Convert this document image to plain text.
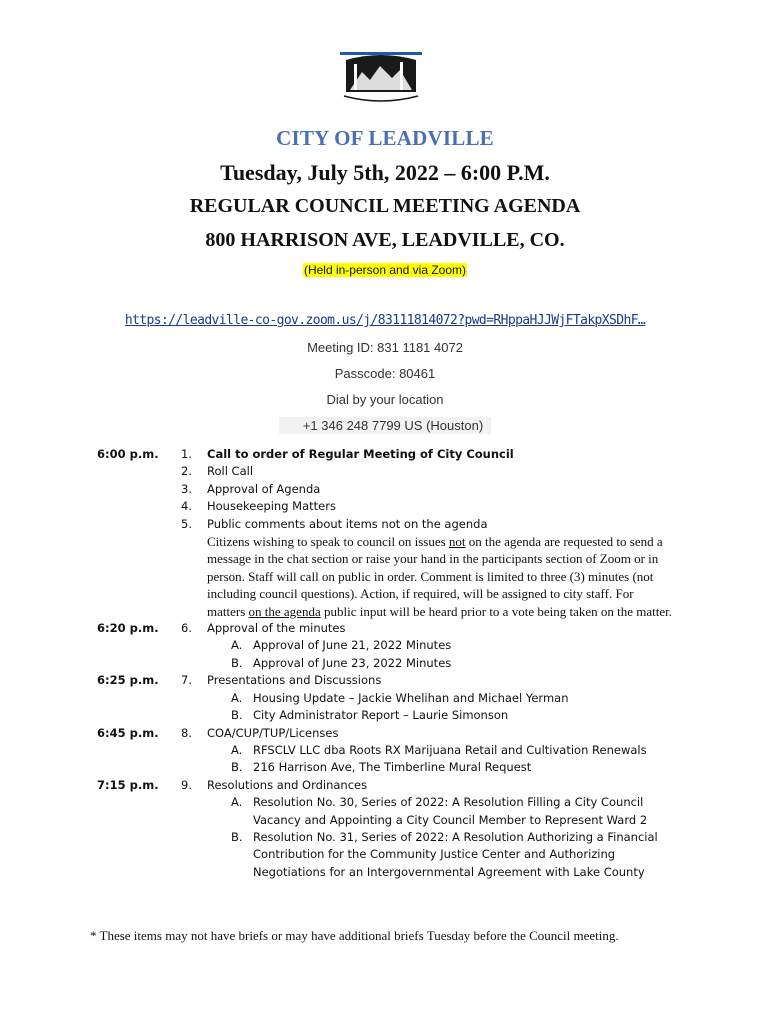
CITY OF LEADVILLE
Tuesday, July 5th, 2022 – 6:00 P.M.
REGULAR COUNCIL MEETING AGENDA
800 HARRISON AVE, LEADVILLE, CO.
(Held in-person and via Zoom)
https://leadville-co-gov.zoom.us/j/83111814072?pwd=RHppaHJJWjFTakpXSDhF…
Meeting ID: 831 1181 4072
Passcode: 80461
Dial by your location
+1 346 248 7799 US (Houston)
6:00 p.m. 1. Call to order of Regular Meeting of City Council
2. Roll Call
3. Approval of Agenda
4. Housekeeping Matters
5. Public comments about items not on the agenda
Citizens wishing to speak to council on issues not on the agenda are requested to send a message in the chat section or raise your hand in the participants section of Zoom or in person. Staff will call on public in order. Comment is limited to three (3) minutes (not including council questions). Action, if required, will be assigned to city staff. For matters on the agenda public input will be heard prior to a vote being taken on the matter.
6:20 p.m. 6. Approval of the minutes
A. Approval of June 21, 2022 Minutes
B. Approval of June 23, 2022 Minutes
6:25 p.m. 7. Presentations and Discussions
A. Housing Update – Jackie Whelihan and Michael Yerman
B. City Administrator Report – Laurie Simonson
6:45 p.m. 8. COA/CUP/TUP/Licenses
A. RFSCLV LLC dba Roots RX Marijuana Retail and Cultivation Renewals
B. 216 Harrison Ave, The Timberline Mural Request
7:15 p.m. 9. Resolutions and Ordinances
A. Resolution No. 30, Series of 2022: A Resolution Filling a City Council Vacancy and Appointing a City Council Member to Represent Ward 2
B. Resolution No. 31, Series of 2022: A Resolution Authorizing a Financial Contribution for the Community Justice Center and Authorizing Negotiations for an Intergovernmental Agreement with Lake County
* These items may not have briefs or may have additional briefs Tuesday before the Council meeting.
